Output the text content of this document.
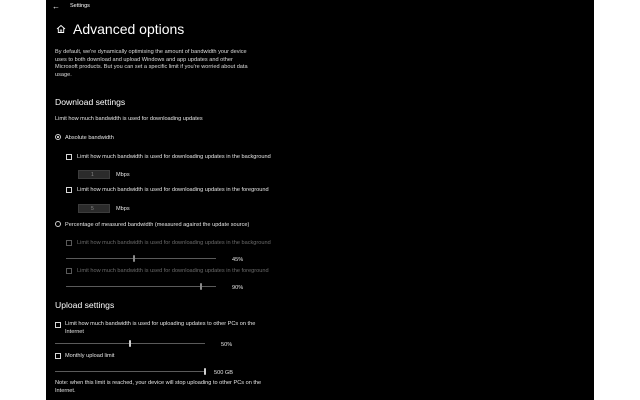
← Settings
Advanced options
By default, we're dynamically optimising the amount of bandwidth your device uses to both download and upload Windows and app updates and other Microsoft products. But you can set a specific limit if you're worried about data usage.
Download settings
Limit how much bandwidth is used for downloading updates
Absolute bandwidth
Limit how much bandwidth is used for downloading updates in the background
1	Mbps
Limit how much bandwidth is used for downloading updates in the foreground
5	Mbps
Percentage of measured bandwidth (measured against the update source)
Limit how much bandwidth is used for downloading updates in the background
45%
Limit how much bandwidth is used for downloading updates in the foreground
90%
Upload settings
Limit how much bandwidth is used for uploading updates to other PCs on the Internet
50%
Monthly upload limit
500 GB
Note: when this limit is reached, your device will stop uploading to other PCs on the Internet.
